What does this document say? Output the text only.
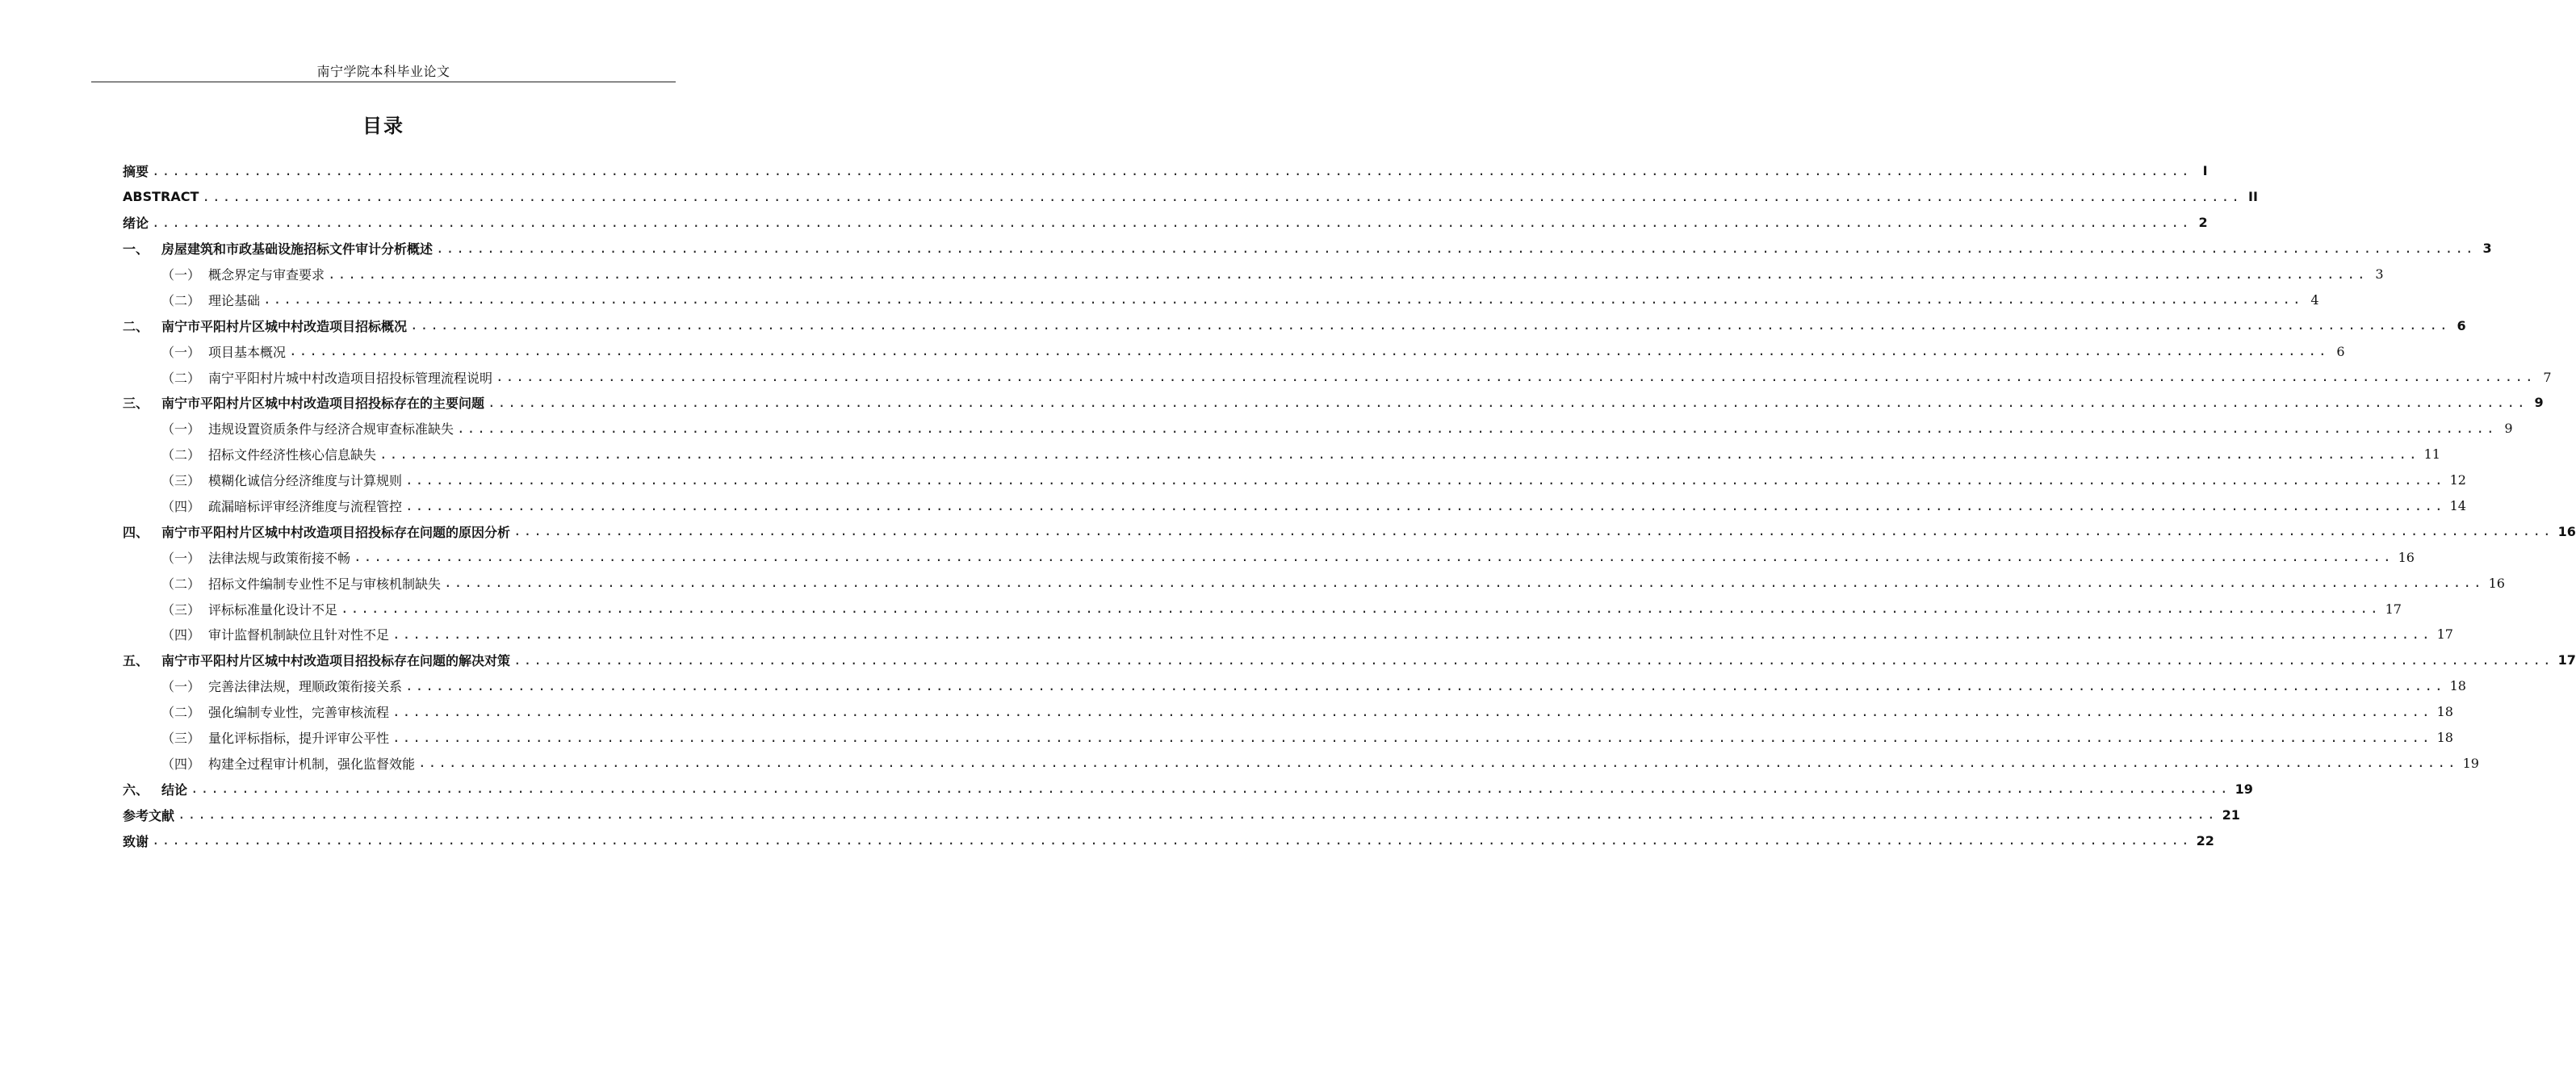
南宁学院本科毕业论文
目录
摘要 ........................................................................................................................................................................................................ I
ABSTRACT ........................................................................................................................................................................................................ II
绪论 ........................................................................................................................................................................................................ 2
一、 房屋建筑和市政基础设施招标文件审计分析概述 ........................................................................................................................................................................................................ 3
（一） 概念界定与审查要求 ........................................................................................................................................................................................................ 3
（二） 理论基础 ........................................................................................................................................................................................................ 4
二、 南宁市平阳村片区城中村改造项目招标概况 ........................................................................................................................................................................................................ 6
（一） 项目基本概况 ........................................................................................................................................................................................................ 6
（二） 南宁平阳村片城中村改造项目招投标管理流程说明 ........................................................................................................................................................................................................ 7
三、 南宁市平阳村片区城中村改造项目招投标存在的主要问题 ........................................................................................................................................................................................................ 9
（一） 违规设置资质条件与经济合规审查标准缺失 ........................................................................................................................................................................................................ 9
（二） 招标文件经济性核心信息缺失 ........................................................................................................................................................................................................ 11
（三） 模糊化诚信分经济维度与计算规则 ........................................................................................................................................................................................................ 12
（四） 疏漏暗标评审经济维度与流程管控 ........................................................................................................................................................................................................ 14
四、 南宁市平阳村片区城中村改造项目招投标存在问题的原因分析 ........................................................................................................................................................................................................ 16
（一） 法律法规与政策衔接不畅 ........................................................................................................................................................................................................ 16
（二） 招标文件编制专业性不足与审核机制缺失 ........................................................................................................................................................................................................ 16
（三） 评标标准量化设计不足 ........................................................................................................................................................................................................ 17
（四） 审计监督机制缺位且针对性不足 ........................................................................................................................................................................................................ 17
五、 南宁市平阳村片区城中村改造项目招投标存在问题的解决对策 ........................................................................................................................................................................................................ 17
（一） 完善法律法规，理顺政策衔接关系 ........................................................................................................................................................................................................ 18
（二） 强化编制专业性，完善审核流程 ........................................................................................................................................................................................................ 18
（三） 量化评标指标，提升评审公平性 ........................................................................................................................................................................................................ 18
（四） 构建全过程审计机制，强化监督效能 ........................................................................................................................................................................................................ 19
六、 结论 ........................................................................................................................................................................................................ 19
参考文献 ........................................................................................................................................................................................................ 21
致谢 ........................................................................................................................................................................................................ 22
